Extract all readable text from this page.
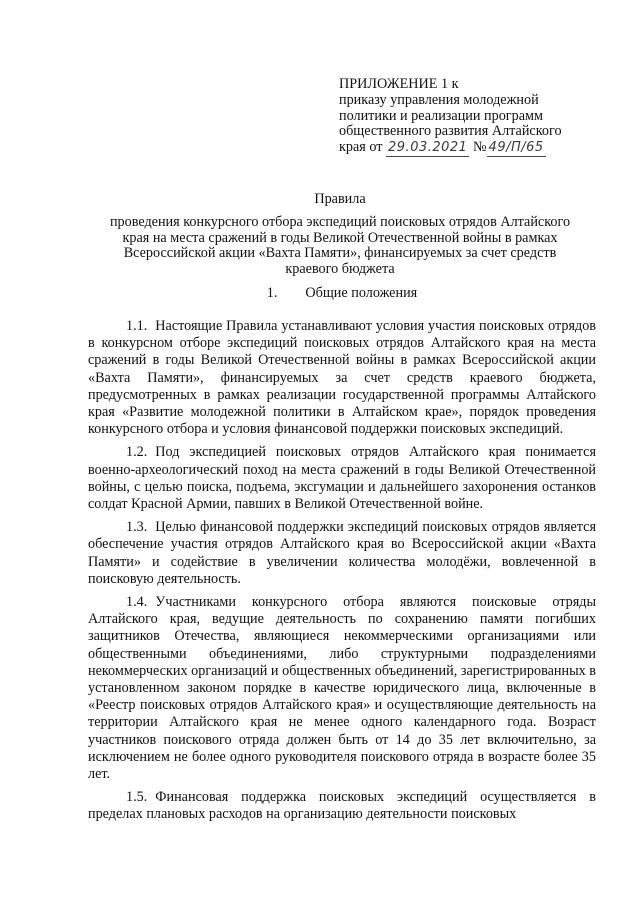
ПРИЛОЖЕНИЕ 1 к
приказу управления молодежной
политики и реализации программ
общественного развития Алтайского
края от 29.03.2021 № 49/П/65
Правила
проведения конкурсного отбора экспедиций поисковых отрядов Алтайского
края на места сражений в годы Великой Отечественной войны в рамках
Всероссийской акции «Вахта Памяти», финансируемых за счет средств
краевого бюджета
1. Общие положения

1.1. Настоящие Правила устанавливают условия участия поисковых отрядов в конкурсном отборе экспедиций поисковых отрядов Алтайского края на места сражений в годы Великой Отечественной войны в рамках Всероссийской акции «Вахта Памяти», финансируемых за счет средств краевого бюджета, предусмотренных в рамках реализации государственной программы Алтайского края «Развитие молодежной политики в Алтайском крае», порядок проведения конкурсного отбора и условия финансовой поддержки поисковых экспедиций.

1.2. Под экспедицией поисковых отрядов Алтайского края понимается военно-археологический поход на места сражений в годы Великой Отечественной войны, с целью поиска, подъема, эксгумации и дальнейшего захоронения останков солдат Красной Армии, павших в Великой Отечественной войне.

1.3. Целью финансовой поддержки экспедиций поисковых отрядов является обеспечение участия отрядов Алтайского края во Всероссийской акции «Вахта Памяти» и содействие в увеличении количества молодёжи, вовлеченной в поисковую деятельность.

1.4. Участниками конкурсного отбора являются поисковые отряды Алтайского края, ведущие деятельность по сохранению памяти погибших защитников Отечества, являющиеся некоммерческими организациями или общественными объединениями, либо структурными подразделениями некоммерческих организаций и общественных объединений, зарегистрированных в установленном законом порядке в качестве юридического лица, включенные в «Реестр поисковых отрядов Алтайского края» и осуществляющие деятельность на территории Алтайского края не менее одного календарного года. Возраст участников поискового отряда должен быть от 14 до 35 лет включительно, за исключением не более одного руководителя поискового отряда в возрасте более 35 лет.

1.5. Финансовая поддержка поисковых экспедиций осуществляется в пределах плановых расходов на организацию деятельности поисковых
